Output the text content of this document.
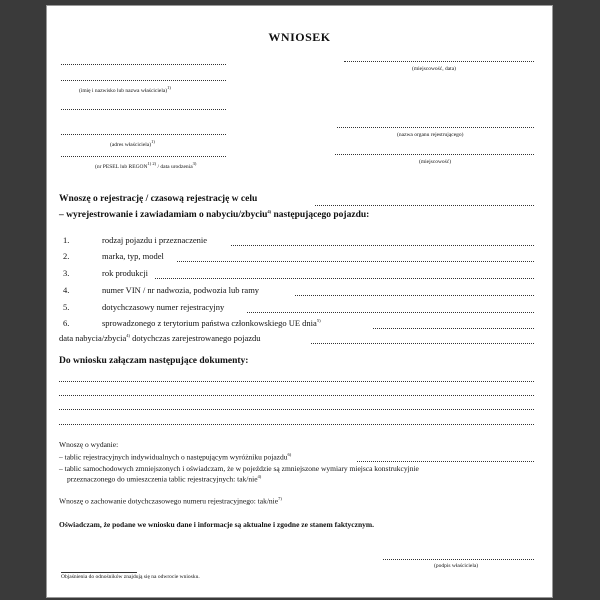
WNIOSEK
(miejscowość, data)
(imię i nazwisko lub nazwa właściciela)$^{1)}$
(adres właściciela)$^{1)}$
(nr PESEL lub $REGON^{1) 2)}$ / data urodzenia$^{3)}$
(nazwa organu rejestrującego)
(miejscowość)
Wnoszę o rejestrację / czasową rejestrację w celu
– wyrejestrowanie i zawiadamiam o nabyciu/zbyciu$^{4)}$ następującego pojazdu:
1.	rodzaj pojazdu i przeznaczenie
2.	marka, typ, model
3.	rok produkcji
4.	numer VIN / nr nadwozia, podwozia lub ramy
5.	dotychczasowy numer rejestracyjny
6.	sprowadzonego z terytorium państwa członkowskiego UE dnia$^{5)}$
data nabycia/zbycia$^{4)}$ dotychczas zarejestrowanego pojazdu
Do wniosku załączam następujące dokumenty:
Wnoszę o wydanie:
– tablic rejestracyjnych indywidualnych o następującym wyróżniku pojazdu$^{6)}$
– tablic samochodowych zmniejszonych i oświadczam, że w pojeździe są zmniejszone wymiary miejsca konstrukcyjnie
przeznaczonego do umieszczenia tablic rejestracyjnych: tak/nie$^{4)}$
Wnoszę o zachowanie dotychczasowego numeru rejestracyjnego: tak/nie$^{7)}$
Oświadczam, że podane we wniosku dane i informacje są aktualne i zgodne ze stanem faktycznym.
(podpis właściciela)
Objaśnienia do odnośników znajdują się na odwrocie wniosku.
